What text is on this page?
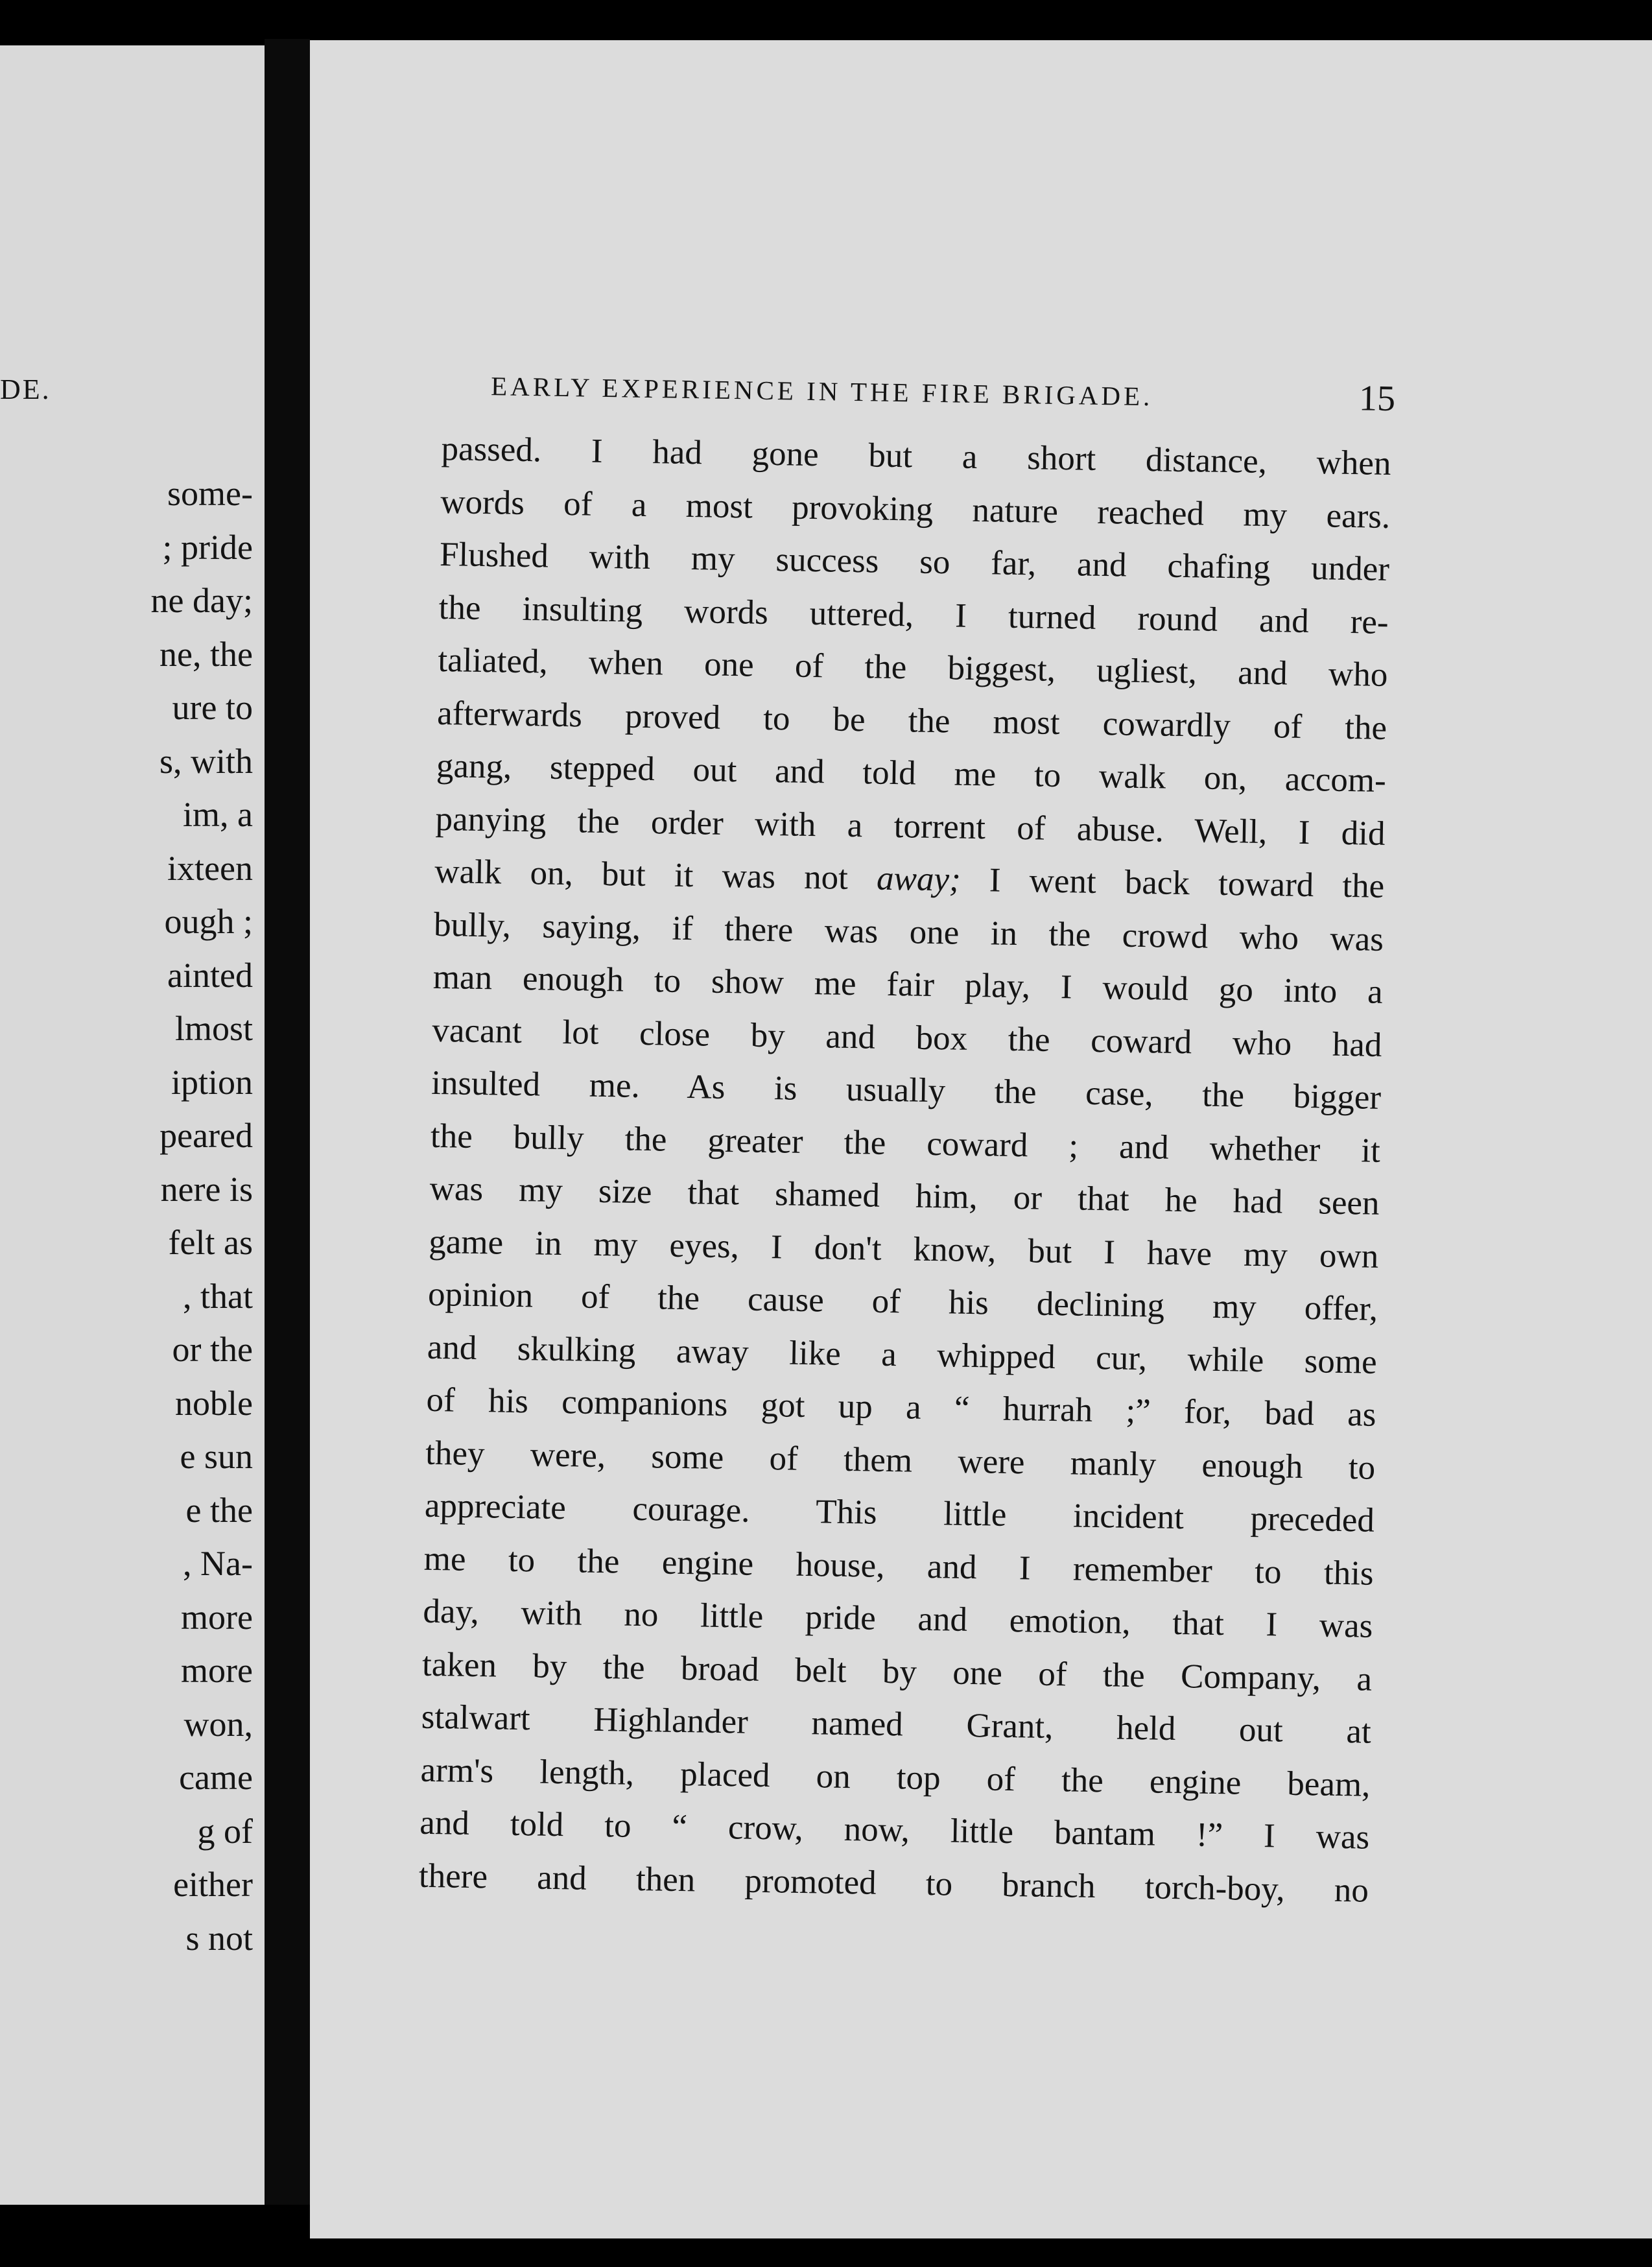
DE.
some-
; pride
ne day;
ne, the
ure to
s, with
im, a
ixteen
ough ;
ainted
lmost
iption
peared
nere is
felt as
, that
or the
noble
e sun
e the
, Na-
more
more
won,
came
g of
either
s not
EARLY EXPERIENCE IN THE FIRE BRIGADE.	15
passed. I had gone but a short distance, when
words of a most provoking nature reached my ears.
Flushed with my success so far, and chafing under
the insulting words uttered, I turned round and re-
taliated, when one of the biggest, ugliest, and who
afterwards proved to be the most cowardly of the
gang, stepped out and told me to walk on, accom-
panying the order with a torrent of abuse. Well, I did
walk on, but it was not away; I went back toward the
bully, saying, if there was one in the crowd who was
man enough to show me fair play, I would go into a
vacant lot close by and box the coward who had
insulted me. As is usually the case, the bigger
the bully the greater the coward ; and whether it
was my size that shamed him, or that he had seen
game in my eyes, I don't know, but I have my own
opinion of the cause of his declining my offer,
and skulking away like a whipped cur, while some
of his companions got up a “ hurrah ;” for, bad as
they were, some of them were manly enough to
appreciate courage. This little incident preceded
me to the engine house, and I remember to this
day, with no little pride and emotion, that I was
taken by the broad belt by one of the Company, a
stalwart Highlander named Grant, held out at
arm's length, placed on top of the engine beam,
and told to “ crow, now, little bantam !” I was
there and then promoted to branch torch-boy, no
